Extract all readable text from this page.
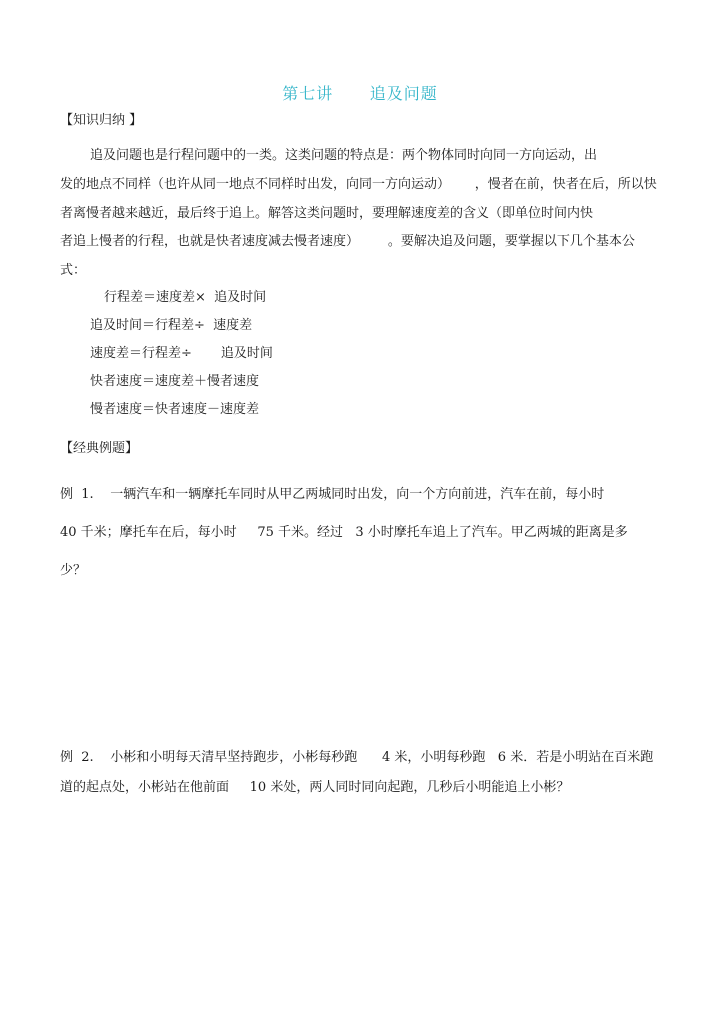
第七讲      追及问题
【知识归纳 】
追及问题也是行程问题中的一类。这类问题的特点是：两个物体同时向同一方向运动，出
发的地点不同样（也许从同一地点不同样时出发，向同一方向运动）      ，慢者在前，快者在后，所以快
者离慢者越来越近，最后终于追上。解答这类问题时，要理解速度差的含义（即单位时间内快
者追上慢者的行程，也就是快者速度减去慢者速度）       。要解决追及问题，要掌握以下几个基本公
式：
行程差＝速度差×  追及时间
追及时间＝行程差÷  速度差
速度差＝行程差÷       追及时间
快者速度＝速度差＋慢者速度
慢者速度＝快者速度－速度差
【经典例题】
例  1.    一辆汽车和一辆摩托车同时从甲乙两城同时出发，向一个方向前进，汽车在前，每小时
40 千米；摩托车在后，每小时     75 千米。经过   3 小时摩托车追上了汽车。甲乙两城的距离是多
少？
例  2.    小彬和小明每天清早坚持跑步，小彬每秒跑      4 米，小明每秒跑   6 米．若是小明站在百米跑
道的起点处，小彬站在他前面     10 米处，两人同时同向起跑，几秒后小明能追上小彬？
